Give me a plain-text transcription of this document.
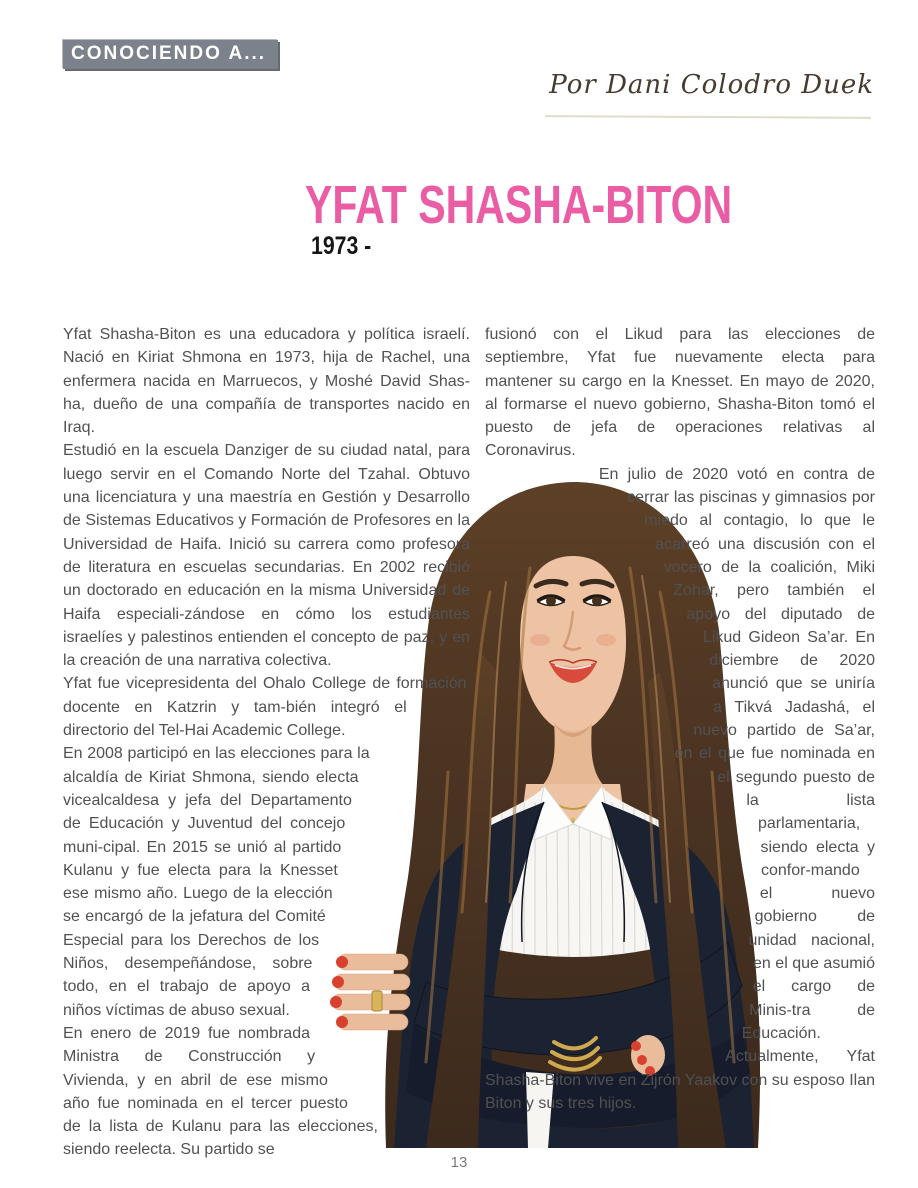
CONOCIENDO A...
Por Dani Colodro Duek
YFAT SHASHA-BITON

1973 -

Yfat Shasha-Biton es una educadora y política israelí. Nació en Kiriat Shmona en 1973, hija de Rachel, una enfermera nacida en Marruecos, y Moshé David Shas-ha, dueño de una compañía de transportes nacido en Iraq.

Estudió en la escuela Danziger de su ciudad natal, para luego servir en el Comando Norte del Tzahal. Obtuvo una licenciatura y una maestría en Gestión y Desarrollo de Sistemas Educativos y Formación de Profesores en la Universidad de Haifa. Inició su carrera como profesora de literatura en escuelas secundarias. En 2002 recibió un doctorado en educación en la misma Universidad de Haifa especiali-zándose en cómo los estudiantes israelíes y palestinos entienden el concepto de paz, y en la creación de una narrativa colectiva.

Yfat fue vicepresidenta del Ohalo College de formación docente en Katzrin y tam-bién integró el directorio del Tel-Hai Academic College.

En 2008 participó en las elecciones para la alcaldía de Kiriat Shmona, siendo electa vicealcaldesa y jefa del Departamento de Educación y Juventud del concejo muni-cipal. En 2015 se unió al partido Kulanu y fue electa para la Knesset ese mismo año. Luego de la elección se encargó de la jefatura del Comité Especial para los Derechos de los Niños, desempeñándose, sobre todo, en el trabajo de apoyo a niños víctimas de abuso sexual.

En enero de 2019 fue nombrada Ministra de Construcción y Vivienda, y en abril de ese mismo año fue nominada en el tercer puesto de la lista de Kulanu para las elecciones, siendo reelecta. Su partido se

fusionó con el Likud para las elecciones de septiembre, Yfat fue nuevamente electa para mantener su cargo en la Knesset. En mayo de 2020, al formarse el nuevo gobierno, Shasha-Biton tomó el puesto de jefa de operaciones relativas al Coronavirus.

En julio de 2020 votó en contra de cerrar las piscinas y gimnasios por miedo al contagio, lo que le acarreó una discusión con el vocero de la coalición, Miki Zohar, pero también el apoyo del diputado de Likud Gideon Sa’ar. En diciembre de 2020 anunció que se uniría a Tikvá Jadashá, el nuevo partido de Sa’ar, en el que fue nominada en el segundo puesto de la lista parlamentaria, siendo electa y confor-mando el nuevo gobierno de unidad nacional, en el que asumió el cargo de Minis-tra de Educación.

Actualmente, Yfat Shasha-Biton vive en Zijrón Yaakov con su esposo Ilan Biton y sus tres hijos.

13
